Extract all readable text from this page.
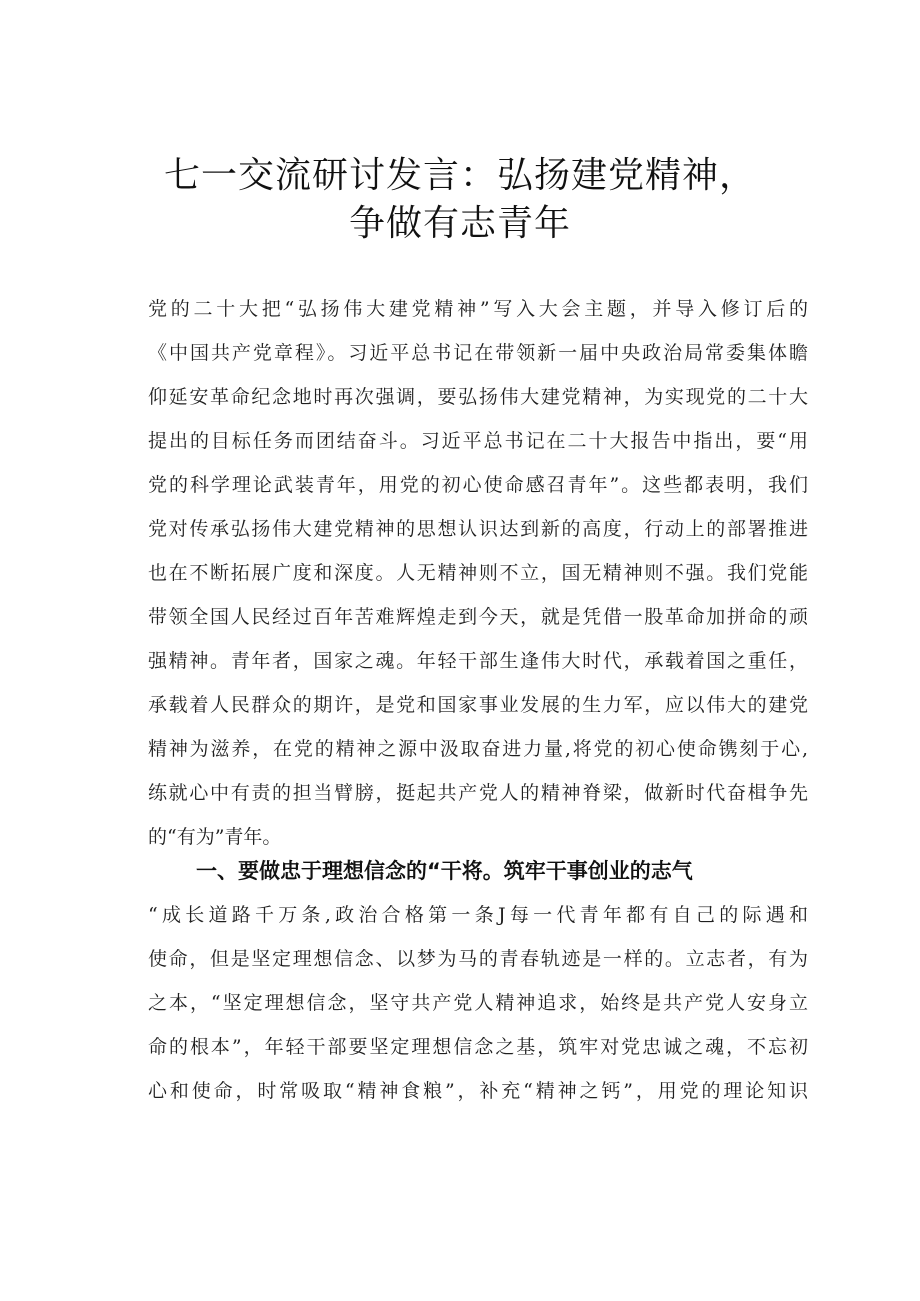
七一交流研讨发言：弘扬建党精神，
争做有志青年
党的二十大把“弘扬伟大建党精神”写入大会主题，并导入修订后的
《中国共产党章程》。习近平总书记在带领新一届中央政治局常委集体瞻
仰延安革命纪念地时再次强调，要弘扬伟大建党精神，为实现党的二十大
提出的目标任务而团结奋斗。习近平总书记在二十大报告中指出，要“用
党的科学理论武装青年，用党的初心使命感召青年”。这些都表明，我们
党对传承弘扬伟大建党精神的思想认识达到新的高度，行动上的部署推进
也在不断拓展广度和深度。人无精神则不立，国无精神则不强。我们党能
带领全国人民经过百年苦难辉煌走到今天，就是凭借一股革命加拼命的顽
强精神。青年者，国家之魂。年轻干部生逢伟大时代，承载着国之重任，
承载着人民群众的期许，是党和国家事业发展的生力军，应以伟大的建党
精神为滋养，在党的精神之源中汲取奋进力量,将党的初心使命镌刻于心,
练就心中有责的担当臂膀，挺起共产党人的精神脊梁，做新时代奋楫争先
的“有为”青年。
一、要做忠于理想信念的“干将。筑牢干事创业的志气
“成长道路千万条,政治合格第一条J每一代青年都有自己的际遇和
使命，但是坚定理想信念、以梦为马的青春轨迹是一样的。立志者，有为
之本，“坚定理想信念，坚守共产党人精神追求，始终是共产党人安身立
命的根本”，年轻干部要坚定理想信念之基，筑牢对党忠诚之魂，不忘初
心和使命，时常吸取“精神食粮”，补充“精神之钙”，用党的理论知识
